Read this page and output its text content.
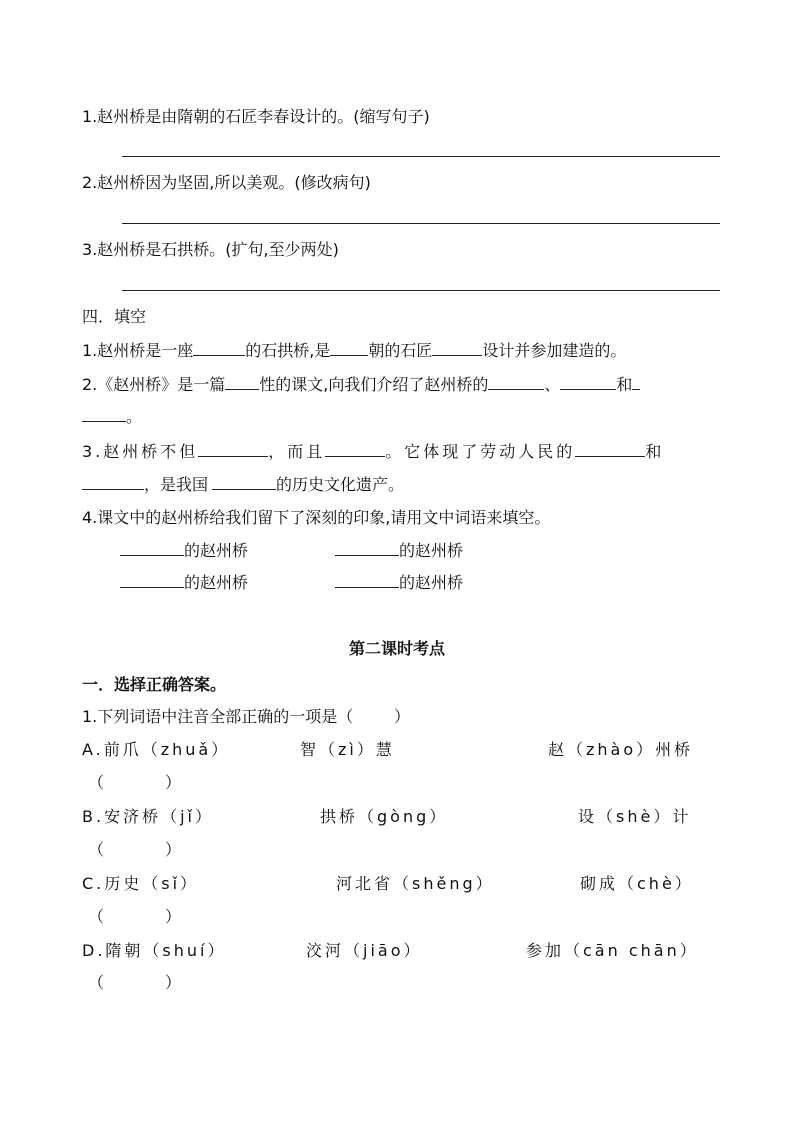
1.赵州桥是由隋朝的石匠李春设计的。(缩写句子)
2.赵州桥因为坚固,所以美观。(修改病句)
3.赵州桥是石拱桥。(扩句,至少两处)
四．填空
1.赵州桥是一座	的石拱桥,是 朝的石匠	设计并参加建造的。
2.《赵州桥》是一篇 性的课文,向我们介绍了赵州桥的	、	和
。
3.赵州桥不但	，而且	。它体现了劳动人民的	和
，是我国	的历史文化遗产。
4.课文中的赵州桥给我们留下了深刻的印象,请用文中词语来填空。
的赵州桥	的赵州桥
的赵州桥	的赵州桥
第二课时考点
一．选择正确答案。
1.下列词语中注音全部正确的一项是（        ）
A.前爪（zhuǎ）	智（zì）慧	赵（zhào）州桥
（            ）
B.安济桥（jǐ）	拱桥（gòng）	设（shè）计
（            ）
C.历史（sǐ）	河北省（shěng）	砌成（chè）
（            ）
D.隋朝（shuí）	洨河（jiāo）	参加（cān chān）
（            ）
